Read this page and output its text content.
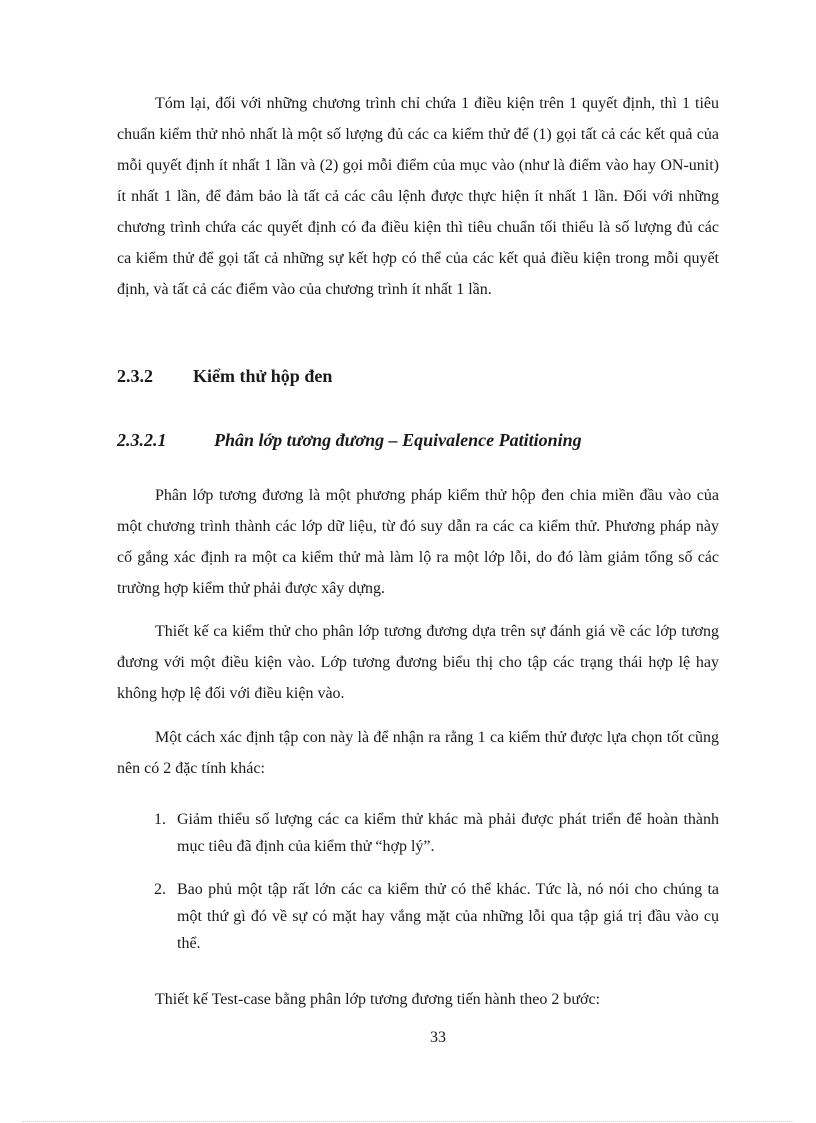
Tóm lại, đối với những chương trình chỉ chứa 1 điều kiện trên 1 quyết định, thì 1 tiêu chuẩn kiểm thử nhỏ nhất là một số lượng đủ các ca kiểm thử để (1) gọi tất cả các kết quả của mỗi quyết định ít nhất 1 lần và (2) gọi mỗi điểm của mục vào (như là điểm vào hay ON-unit) ít nhất 1 lần, để đảm bảo là tất cả các câu lệnh được thực hiện ít nhất 1 lần. Đối với những chương trình chứa các quyết định có đa điều kiện thì tiêu chuẩn tối thiểu là số lượng đủ các ca kiểm thử để gọi tất cả những sự kết hợp có thể của các kết quả điều kiện trong mỗi quyết định, và tất cả các điểm vào của chương trình ít nhất 1 lần.

2.3.2 Kiểm thử hộp đen
2.3.2.1	Phân lớp tương đương – Equivalence Patitioning

Phân lớp tương đương là một phương pháp kiểm thử hộp đen chia miền đầu vào của một chương trình thành các lớp dữ liệu, từ đó suy dẫn ra các ca kiểm thử. Phương pháp này cố gắng xác định ra một ca kiểm thử mà làm lộ ra một lớp lỗi, do đó làm giảm tổng số các trường hợp kiểm thử phải được xây dựng.

Thiết kế ca kiểm thử cho phân lớp tương đương dựa trên sự đánh giá về các lớp tương đương với một điều kiện vào. Lớp tương đương biểu thị cho tập các trạng thái hợp lệ hay không hợp lệ đối với điều kiện vào.

Một cách xác định tập con này là để nhận ra rằng 1 ca kiểm thử được lựa chọn tốt cũng nên có 2 đặc tính khác:

1. Giảm thiểu số lượng các ca kiểm thử khác mà phải được phát triển để hoàn thành mục tiêu đã định của kiểm thử “hợp lý”.
2. Bao phủ một tập rất lớn các ca kiểm thử có thể khác. Tức là, nó nói cho chúng ta một thứ gì đó về sự có mặt hay vắng mặt của những lỗi qua tập giá trị đầu vào cụ thể.

Thiết kế Test-case bằng phân lớp tương đương tiến hành theo 2 bước:

33
